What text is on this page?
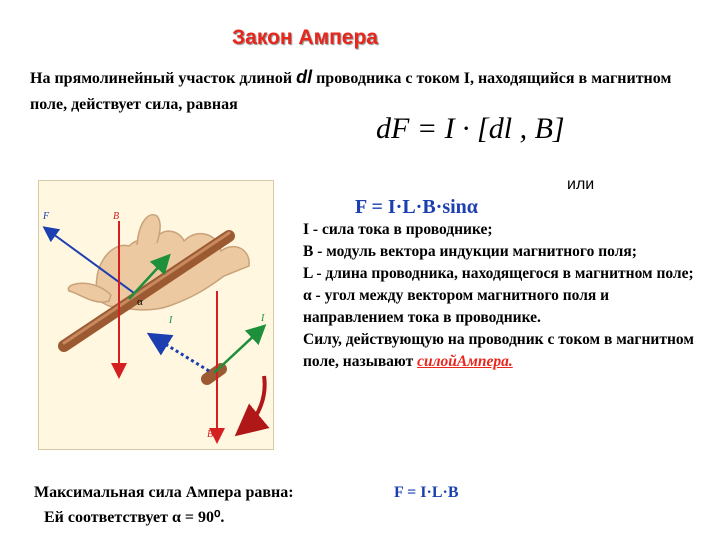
Закон Ампера
На прямолинейный участок длиной dl проводника с током I, находящийся в магнитном поле, действует сила, равная
dF = I · [dl , B]
или
F = I·L·B·sinα
I - сила тока в проводнике;
B - модуль вектора индукции магнитного поля;
L - длина проводника, находящегося в магнитном поле;
α - угол между вектором магнитного поля и направлением тока в проводнике.
Силу, действующую на проводник с током в магнитном поле, называют силойАмпера.
F	B
α
I	I
B
Максимальная сила Ампера равна:	F = I·L·B
Ей соответствует α = 90⁰.
